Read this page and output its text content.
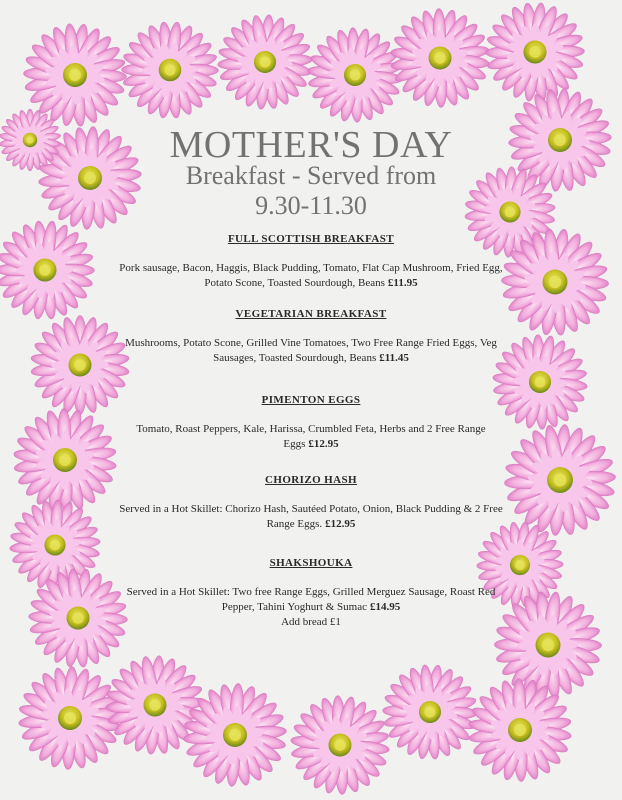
MOTHER'S DAY
Breakfast - Served from
9.30-11.30
FULL SCOTTISH BREAKFAST

Pork sausage, Bacon, Haggis, Black Pudding, Tomato, Flat Cap Mushroom, Fried Egg, Potato Scone, Toasted Sourdough, Beans £11.95

VEGETARIAN BREAKFAST

Mushrooms, Potato Scone, Grilled Vine Tomatoes, Two Free Range Fried Eggs, Veg Sausages, Toasted Sourdough, Beans £11.45

PIMENTON EGGS

Tomato, Roast Peppers, Kale, Harissa, Crumbled Feta, Herbs and 2 Free Range Eggs £12.95

CHORIZO HASH

Served in a Hot Skillet: Chorizo Hash, Sautéed Potato, Onion, Black Pudding & 2 Free Range Eggs. £12.95

SHAKSHOUKA

Served in a Hot Skillet: Two free Range Eggs, Grilled Merguez Sausage, Roast Red Pepper, Tahini Yoghurt & Sumac £14.95
Add bread £1
